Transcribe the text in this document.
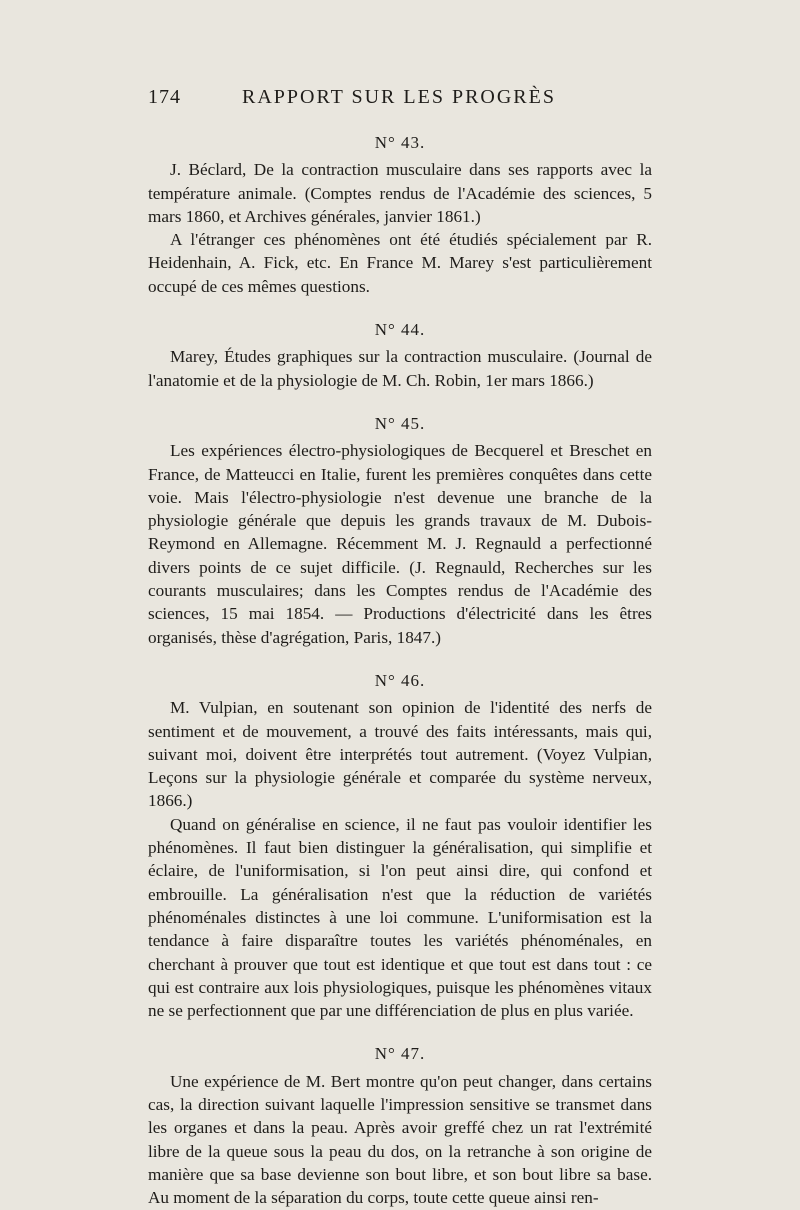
174	RAPPORT SUR LES PROGRÈS
N° 43.

J. Béclard, De la contraction musculaire dans ses rapports avec la température animale. (Comptes rendus de l'Académie des sciences, 5 mars 1860, et Archives générales, janvier 1861.)

A l'étranger ces phénomènes ont été étudiés spécialement par R. Heidenhain, A. Fick, etc. En France M. Marey s'est particulièrement occupé de ces mêmes questions.

N° 44.

Marey, Études graphiques sur la contraction musculaire. (Journal de l'anatomie et de la physiologie de M. Ch. Robin, 1er mars 1866.)

N° 45.

Les expériences électro-physiologiques de Becquerel et Breschet en France, de Matteucci en Italie, furent les premières conquêtes dans cette voie. Mais l'électro-physiologie n'est devenue une branche de la physiologie générale que depuis les grands travaux de M. Dubois-Reymond en Allemagne. Récemment M. J. Regnauld a perfectionné divers points de ce sujet difficile. (J. Regnauld, Recherches sur les courants musculaires; dans les Comptes rendus de l'Académie des sciences, 15 mai 1854. — Productions d'électricité dans les êtres organisés, thèse d'agrégation, Paris, 1847.)

N° 46.

M. Vulpian, en soutenant son opinion de l'identité des nerfs de sentiment et de mouvement, a trouvé des faits intéressants, mais qui, suivant moi, doivent être interprétés tout autrement. (Voyez Vulpian, Leçons sur la physiologie générale et comparée du système nerveux, 1866.)

Quand on généralise en science, il ne faut pas vouloir identifier les phénomènes. Il faut bien distinguer la généralisation, qui simplifie et éclaire, de l'uniformisation, si l'on peut ainsi dire, qui confond et embrouille. La généralisation n'est que la réduction de variétés phénoménales distinctes à une loi commune. L'uniformisation est la tendance à faire disparaître toutes les variétés phénoménales, en cherchant à prouver que tout est identique et que tout est dans tout : ce qui est contraire aux lois physiologiques, puisque les phénomènes vitaux ne se perfectionnent que par une différenciation de plus en plus variée.

N° 47.

Une expérience de M. Bert montre qu'on peut changer, dans certains cas, la direction suivant laquelle l'impression sensitive se transmet dans les organes et dans la peau. Après avoir greffé chez un rat l'extrémité libre de la queue sous la peau du dos, on la retranche à son origine de manière que sa base devienne son bout libre, et son bout libre sa base. Au moment de la séparation du corps, toute cette queue ainsi ren-
